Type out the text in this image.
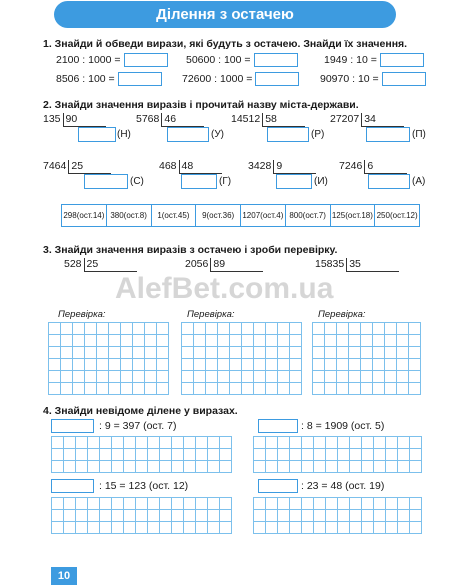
Ділення з остачею
1. Знайди й обведи вирази, які будуть з остачею. Знайди їх значення.
2100 : 1000 =	50600 : 100 =	1949 : 10 =
8506 : 100 =	72600 : 1000 =	90970 : 10 =
2. Знайди значення виразів і прочитай назву міста-держави.
135 90
(Н)
5768 46
(У)
14512 58
(Р)
27207 34
(П)
7464 25
(С)
468 48
(Г)
3428 9
(И)
7246 6
(А)
298(ост.14) 380(ост.8)	1(ост.45)	9(ост.36)	1207(ост.4) 800(ост.7) 125(ост.18) 250(ост.12)
3. Знайди значення виразів з остачею і зроби перевірку.
528 25	2056 89	15835 35
Перевірка:	Перевірка:	Перевірка:
AlefBet.com.ua
4. Знайди невідоме ділене у виразах.
: 9 = 397 (ост. 7)	: 8 = 1909 (ост. 5)
: 15 = 123 (ост. 12)	: 23 = 48 (ост. 19)
10
